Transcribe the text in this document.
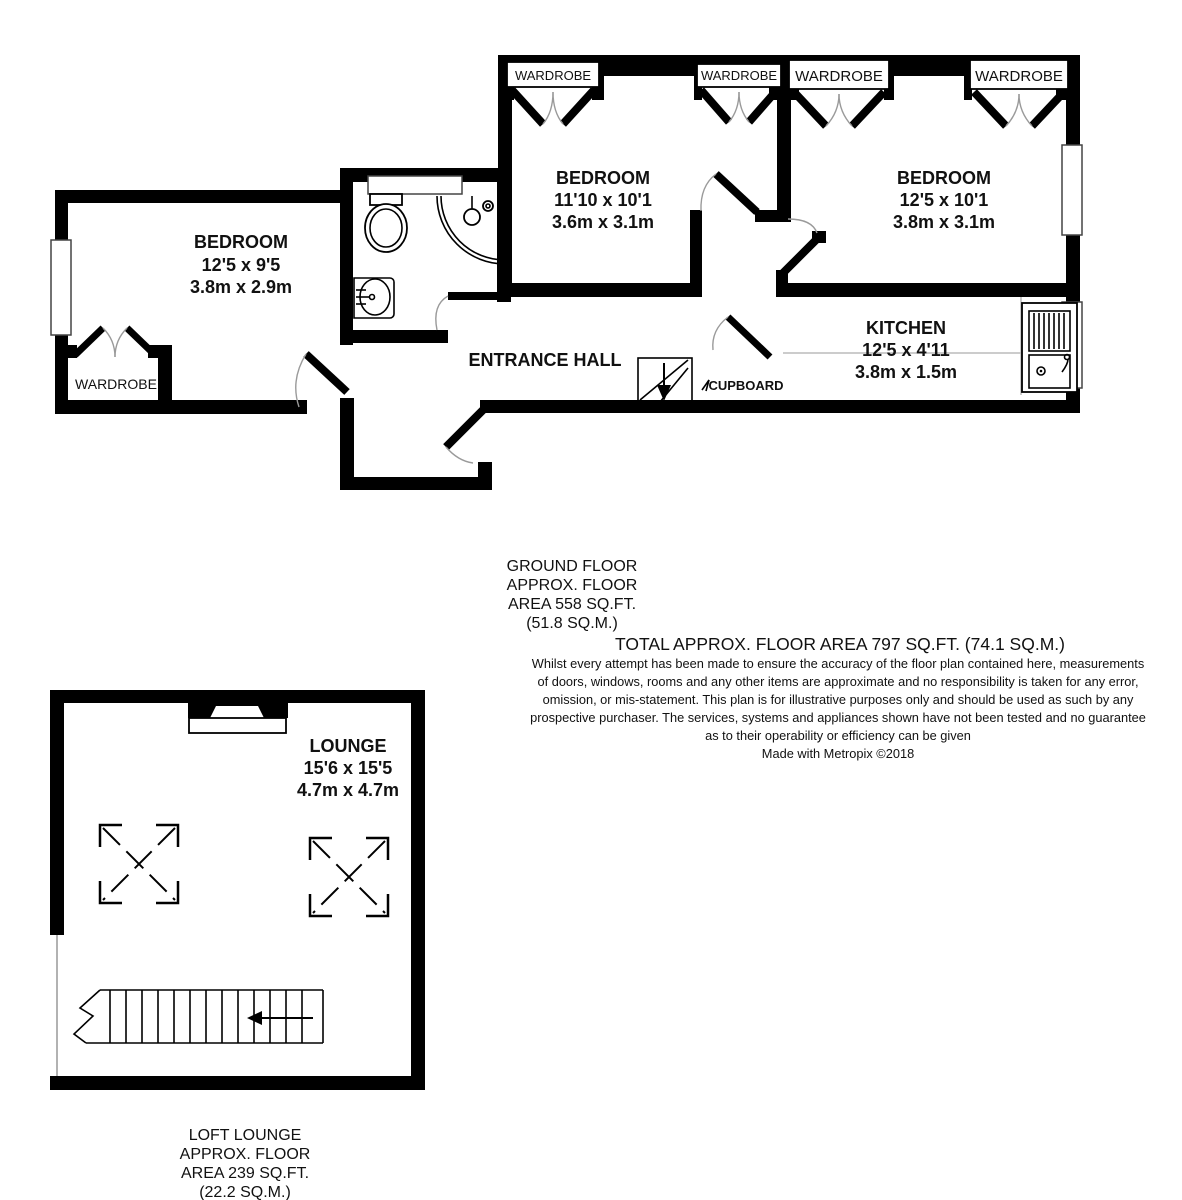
BEDROOM
12'5 x 9'5
3.8m x 2.9m
BEDROOM
11'10 x 10'1
3.6m x 3.1m
BEDROOM
12'5 x 10'1
3.8m x 3.1m
KITCHEN
12'5 x 4'11
3.8m x 1.5m
ENTRANCE HALL
CUPBOARD
WARDROBE	WARDROBE WARDROBE	WARDROBE
WARDROBE
GROUND FLOOR
APPROX. FLOOR
AREA 558 SQ.FT.
(51.8 SQ.M.)
TOTAL APPROX. FLOOR AREA 797 SQ.FT. (74.1 SQ.M.)
Whilst every attempt has been made to ensure the accuracy of the floor plan contained here, measurements
of doors, windows, rooms and any other items are approximate and no responsibility is taken for any error,
omission, or mis-statement. This plan is for illustrative purposes only and should be used as such by any
prospective purchaser. The services, systems and appliances shown have not been tested and no guarantee
as to their operability or efficiency can be given
Made with Metropix ©2018
LOUNGE
15'6 x 15'5
4.7m x 4.7m
LOFT LOUNGE
APPROX. FLOOR
AREA 239 SQ.FT.
(22.2 SQ.M.)
